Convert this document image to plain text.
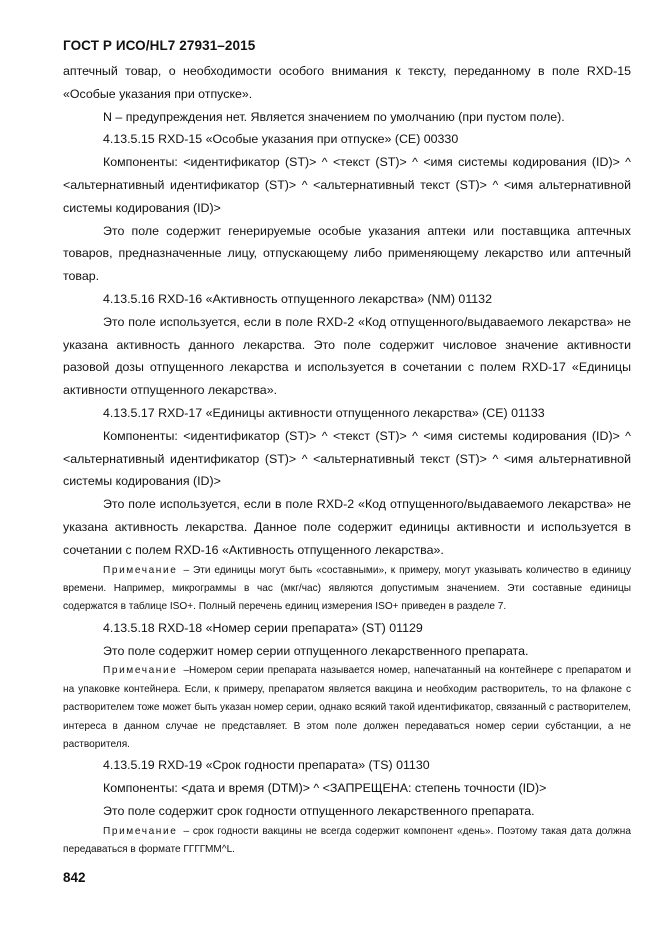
ГОСТ Р ИСО/HL7 27931–2015

аптечный товар, о необходимости особого внимания к тексту, переданному в поле RXD-15 «Особые указания при отпуске».

N – предупреждения нет. Является значением по умолчанию (при пустом поле).

4.13.5.15 RXD-15 «Особые указания при отпуске» (CE) 00330

Компоненты: <идентификатор (ST)> ^ <текст (ST)> ^ <имя системы кодирования (ID)> ^ <альтернативный идентификатор (ST)> ^ <альтернативный текст (ST)> ^ <имя альтернативной системы кодирования (ID)>

Это поле содержит генерируемые особые указания аптеки или поставщика аптечных товаров, предназначенные лицу, отпускающему либо применяющему лекарство или аптечный товар.

4.13.5.16 RXD-16 «Активность отпущенного лекарства» (NM) 01132

Это поле используется, если в поле RXD-2 «Код отпущенного/выдаваемого лекарства» не указана активность данного лекарства. Это поле содержит числовое значение активности разовой дозы отпущенного лекарства и используется в сочетании с полем RXD-17 «Единицы активности отпущенного лекарства».

4.13.5.17 RXD-17 «Единицы активности отпущенного лекарства» (CE) 01133

Компоненты: <идентификатор (ST)> ^ <текст (ST)> ^ <имя системы кодирования (ID)> ^ <альтернативный идентификатор (ST)> ^ <альтернативный текст (ST)> ^ <имя альтернативной системы кодирования (ID)>

Это поле используется, если в поле RXD-2 «Код отпущенного/выдаваемого лекарства» не указана активность лекарства. Данное поле содержит единицы активности и используется в сочетании с полем RXD-16 «Активность отпущенного лекарства».

Примечание – Эти единицы могут быть «составными», к примеру, могут указывать количество в единицу времени. Например, микрограммы в час (мкг/час) являются допустимым значением. Эти составные единицы содержатся в таблице ISO+. Полный перечень единиц измерения ISO+ приведен в разделе 7.

4.13.5.18 RXD-18 «Номер серии препарата» (ST) 01129

Это поле содержит номер серии отпущенного лекарственного препарата.

Примечание –Номером серии препарата называется номер, напечатанный на контейнере с препаратом и на упаковке контейнера. Если, к примеру, препаратом является вакцина и необходим растворитель, то на флаконе с растворителем тоже может быть указан номер серии, однако всякий такой идентификатор, связанный с растворителем, интереса в данном случае не представляет. В этом поле должен передаваться номер серии субстанции, а не растворителя.

4.13.5.19 RXD-19 «Срок годности препарата» (TS) 01130

Компоненты: <дата и время (DTM)> ^ <ЗАПРЕЩЕНА: степень точности (ID)>

Это поле содержит срок годности отпущенного лекарственного препарата.

Примечание – срок годности вакцины не всегда содержит компонент «день». Поэтому такая дата должна передаваться в формате ГГГГММ^L.

842
